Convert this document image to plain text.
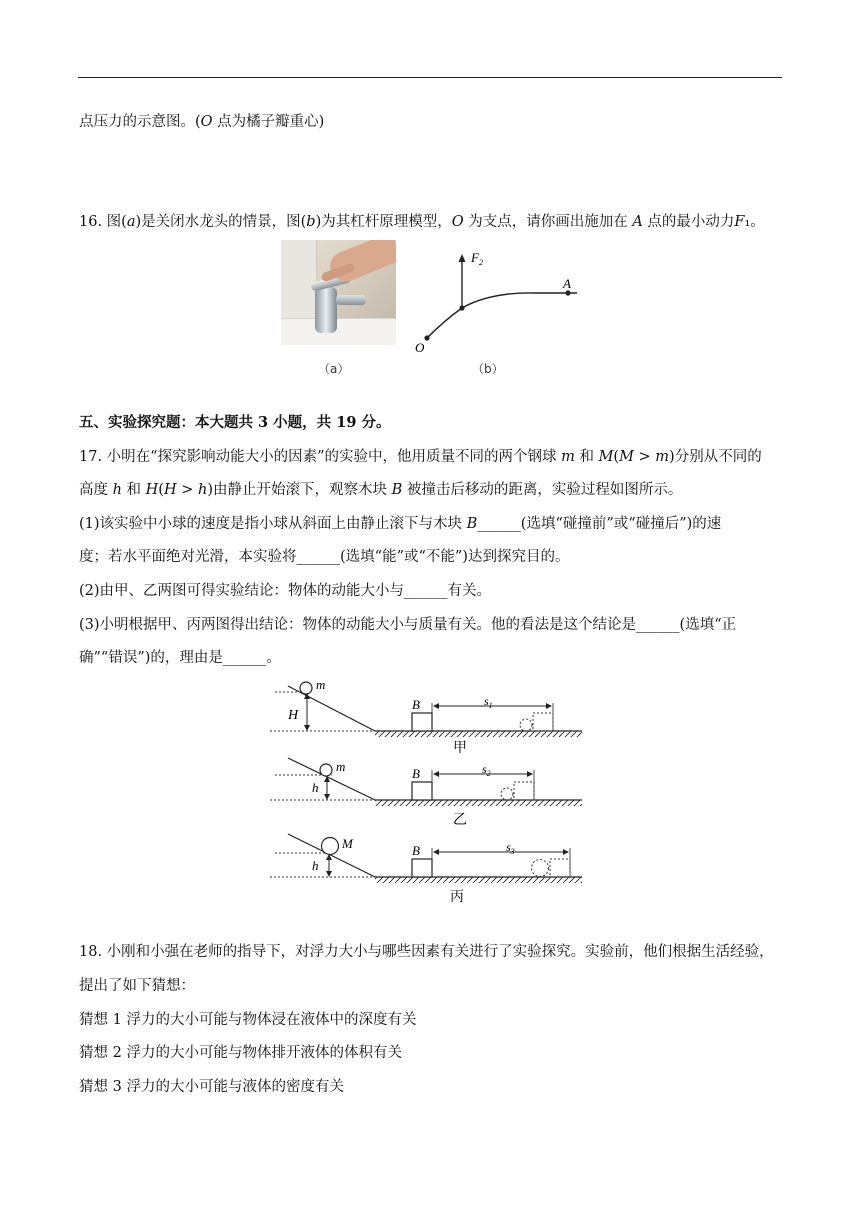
点压力的示意图。(𝑂 点为橘子瓣重心)
16. 图(𝑎)是关闭水龙头的情景，图(𝑏)为其杠杆原理模型，𝑂 为支点，请你画出施加在 𝐴 点的最小动力𝐹₁。
（a）
$F_2$
A
O
（b）
五、实验探究题：本大题共 3 小题，共 19 分。
17. 小明在“探究影响动能大小的因素”的实验中，他用质量不同的两个钢球 𝑚 和 𝑀(𝑀 > 𝑚)分别从不同的
高度 ℎ 和 𝐻(𝐻 > ℎ)由静止开始滚下，观察木块 𝐵 被撞击后移动的距离，实验过程如图所示。
(1)该实验中小球的速度是指小球从斜面上由静止滚下与木块 𝐵______(选填“碰撞前”或“碰撞后”)的速
度；若水平面绝对光滑，本实验将______(选填“能”或“不能”)达到探究目的。
(2)由甲、乙两图可得实验结论：物体的动能大小与______有关。
(3)小明根据甲、丙两图得出结论：物体的动能大小与质量有关。他的看法是这个结论是______(选填“正
确”“错误”)的，理由是______。
m
H
B	$s_1$
甲
m
h
B	$s_2$
乙
M
h
B	$s_3$
丙
18. 小刚和小强在老师的指导下，对浮力大小与哪些因素有关进行了实验探究。实验前，他们根据生活经验，
提出了如下猜想：
猜想 1 浮力的大小可能与物体浸在液体中的深度有关
猜想 2 浮力的大小可能与物体排开液体的体积有关
猜想 3 浮力的大小可能与液体的密度有关
